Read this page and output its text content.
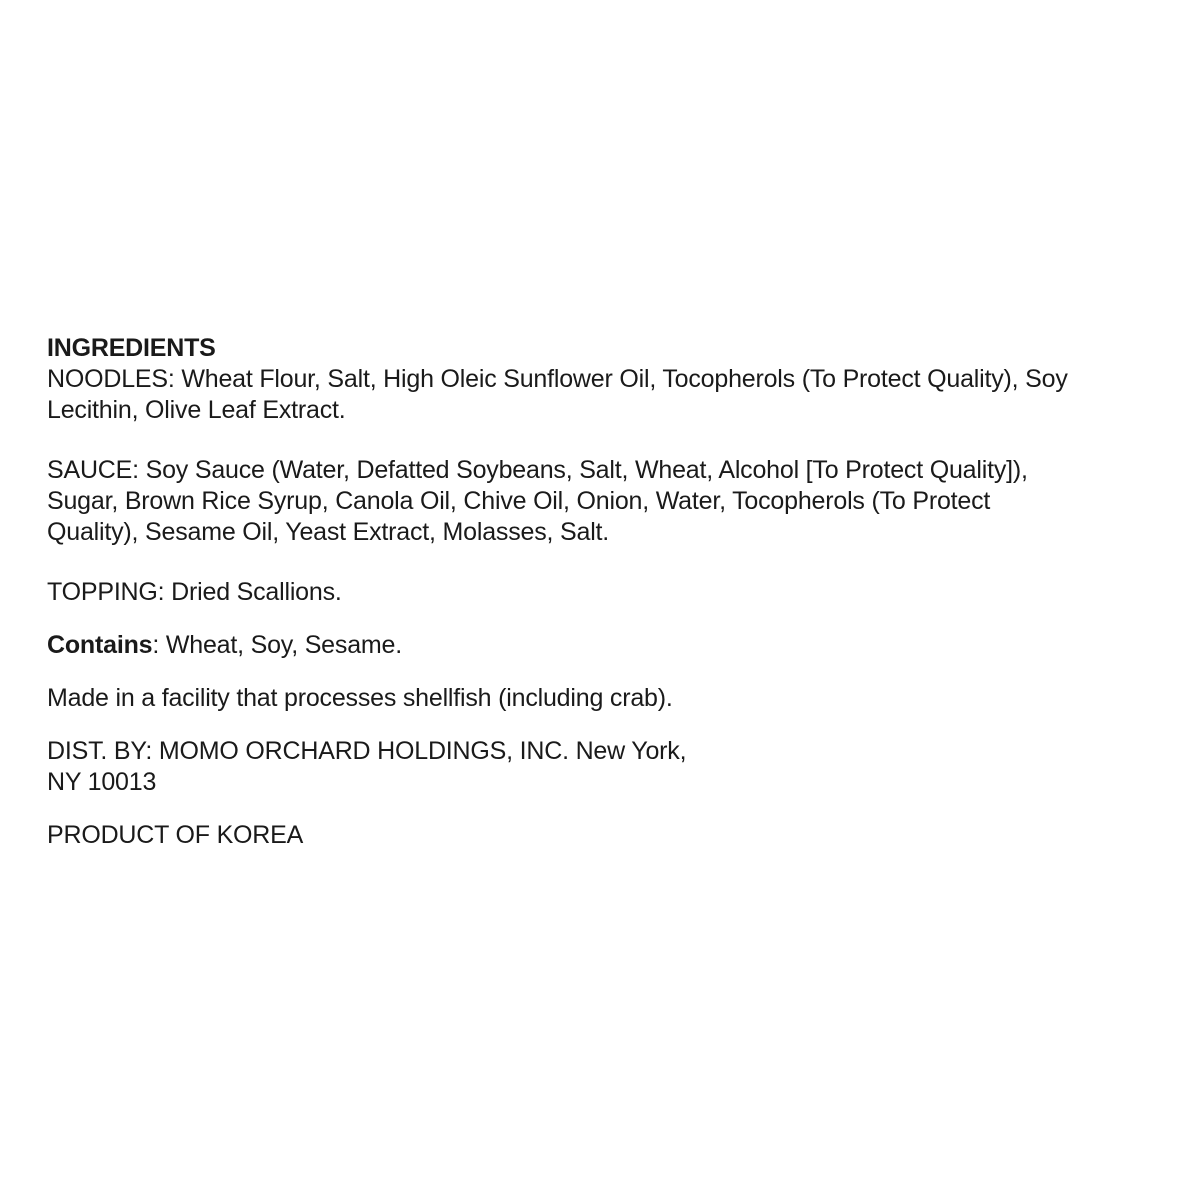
INGREDIENTS

NOODLES: Wheat Flour, Salt, High Oleic Sunflower Oil, Tocopherols (To Protect Quality), Soy
Lecithin, Olive Leaf Extract.

SAUCE: Soy Sauce (Water, Defatted Soybeans, Salt, Wheat, Alcohol [To Protect Quality]),
Sugar, Brown Rice Syrup, Canola Oil, Chive Oil, Onion, Water, Tocopherols (To Protect
Quality), Sesame Oil, Yeast Extract, Molasses, Salt.

TOPPING: Dried Scallions.

Contains: Wheat, Soy, Sesame.

Made in a facility that processes shellfish (including crab).

DIST. BY: MOMO ORCHARD HOLDINGS, INC. New York,
NY 10013

PRODUCT OF KOREA
